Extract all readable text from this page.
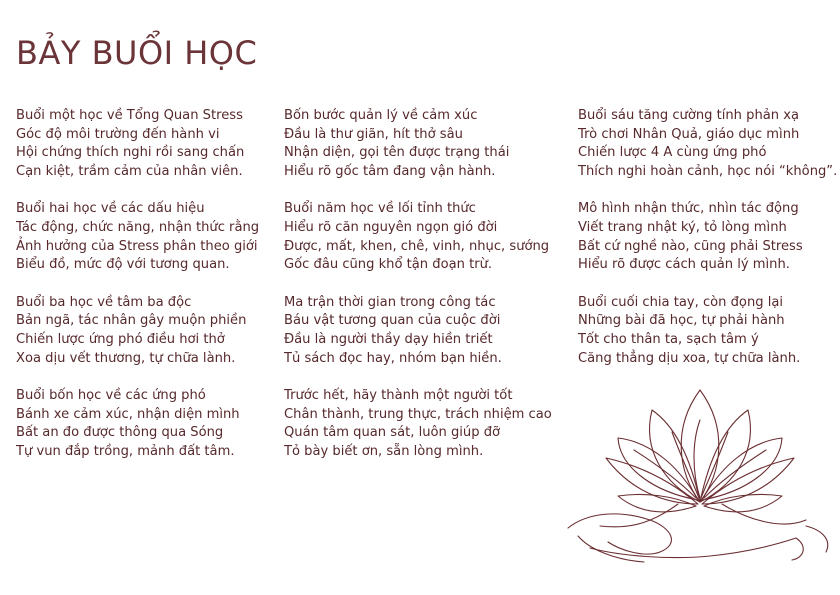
BẢY BUỔI HỌC
Buổi một học về Tổng Quan Stress
Góc độ môi trường đến hành vi
Hội chứng thích nghi rồi sang chấn
Cạn kiệt, trầm cảm của nhân viên.
Buổi hai học về các dấu hiệu
Tác động, chức năng, nhận thức rằng
Ảnh hưởng của Stress phân theo giới
Biểu đồ, mức độ với tương quan.
Buổi ba học về tâm ba độc
Bản ngã, tác nhân gây muộn phiền
Chiến lược ứng phó điều hơi thở
Xoa dịu vết thương, tự chữa lành.
Buổi bốn học về các ứng phó
Bánh xe cảm xúc, nhận diện mình
Bất an đo được thông qua Sóng
Tự vun đắp trồng, mảnh đất tâm.
Bốn bước quản lý về cảm xúc
Đầu là thư giãn, hít thở sâu
Nhận diện, gọi tên được trạng thái
Hiểu rõ gốc tâm đang vận hành.
Buổi năm học về lối tỉnh thức
Hiểu rõ căn nguyên ngọn gió đời
Được, mất, khen, chê, vinh, nhục, sướng
Gốc đâu cũng khổ tận đoạn trừ.
Ma trận thời gian trong công tác
Báu vật tương quan của cuộc đời
Đầu là người thầy dạy hiền triết
Tủ sách đọc hay, nhóm bạn hiền.
Trước hết, hãy thành một người tốt
Chân thành, trung thực, trách nhiệm cao
Quán tâm quan sát, luôn giúp đỡ
Tỏ bày biết ơn, sẵn lòng mình.
Buổi sáu tăng cường tính phản xạ
Trò chơi Nhân Quả, giáo dục mình
Chiến lược 4 A cùng ứng phó
Thích nghi hoàn cảnh, học nói “không”.
Mô hình nhận thức, nhìn tác động
Viết trang nhật ký, tỏ lòng mình
Bất cứ nghề nào, cũng phải Stress
Hiểu rõ được cách quản lý mình.
Buổi cuối chia tay, còn đọng lại
Những bài đã học, tự phải hành
Tốt cho thân ta, sạch tâm ý
Căng thẳng dịu xoa, tự chữa lành.
